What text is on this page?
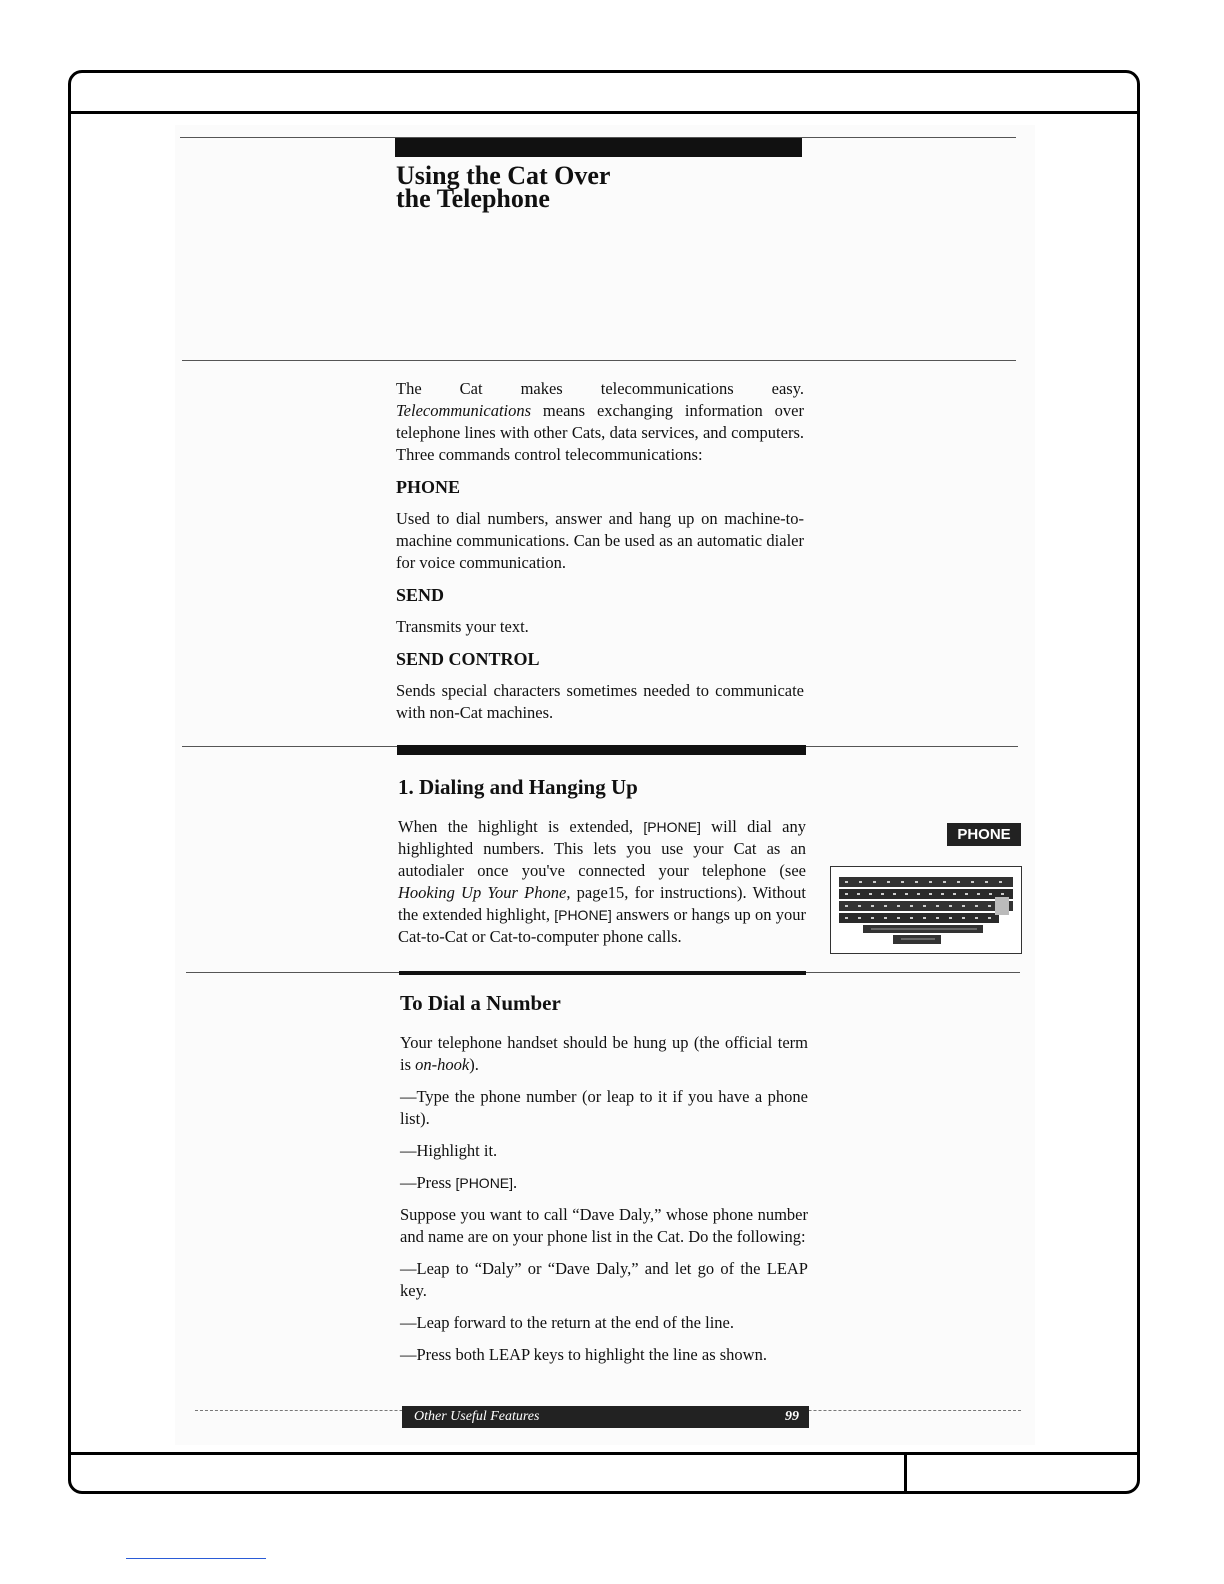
Using the Cat Over
the Telephone

The Cat makes telecommunications easy. Telecommunications means exchanging information over telephone lines with other Cats, data services, and computers. Three commands control telecommunications:

PHONE

Used to dial numbers, answer and hang up on machine-to-machine communications. Can be used as an automatic dialer for voice communication.

SEND

Transmits your text.

SEND CONTROL

Sends special characters sometimes needed to communicate with non-Cat machines.

1. Dialing and Hanging Up

When the highlight is extended, [PHONE] will dial any highlighted numbers. This lets you use your Cat as an autodialer once you've connected your telephone (see Hooking Up Your Phone, page15, for instructions). Without the extended highlight, [PHONE] answers or hangs up on your Cat-to-Cat or Cat-to-computer phone calls.

PHONE
To Dial a Number

Your telephone handset should be hung up (the official term is on-hook).

—Type the phone number (or leap to it if you have a phone list).

—Highlight it.

—Press [PHONE].

Suppose you want to call “Dave Daly,” whose phone number and name are on your phone list in the Cat. Do the following:

—Leap to “Daly” or “Dave Daly,” and let go of the LEAP key.

—Leap forward to the return at the end of the line.

—Press both LEAP keys to highlight the line as shown.

Other Useful Features	99
